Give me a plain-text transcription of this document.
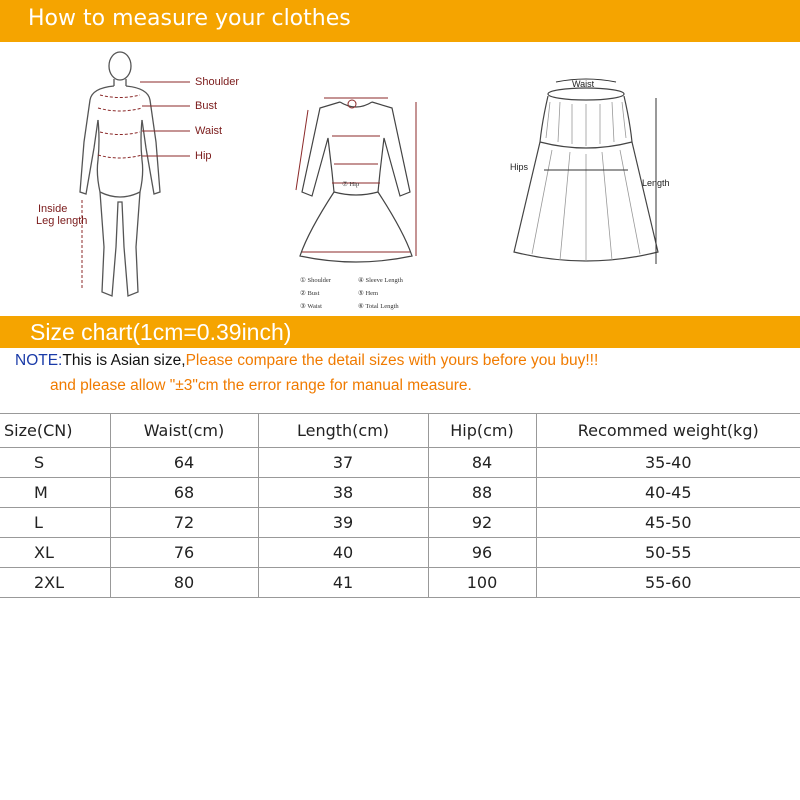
How to measure your clothes
Shoulder
Bust
Waist
Hip
Inside
Leg length
⑦ Hip
① Shoulder
② Bust
③ Waist
④ Sleeve Length
⑤ Hem
⑥ Total Length
Waist
Hips
Length
Size chart(1cm=0.39inch)
NOTE:This is Asian size,Please compare the detail sizes with yours before you buy!!!
and please allow "±3"cm the error range for manual measure.
Size(CN)	Waist(cm)	Length(cm)	Hip(cm)	Recommed weight(kg)
S	64	37	84	35-40
M	68	38	88	40-45
L	72	39	92	45-50
XL	76	40	96	50-55
2XL	80	41	100	55-60
